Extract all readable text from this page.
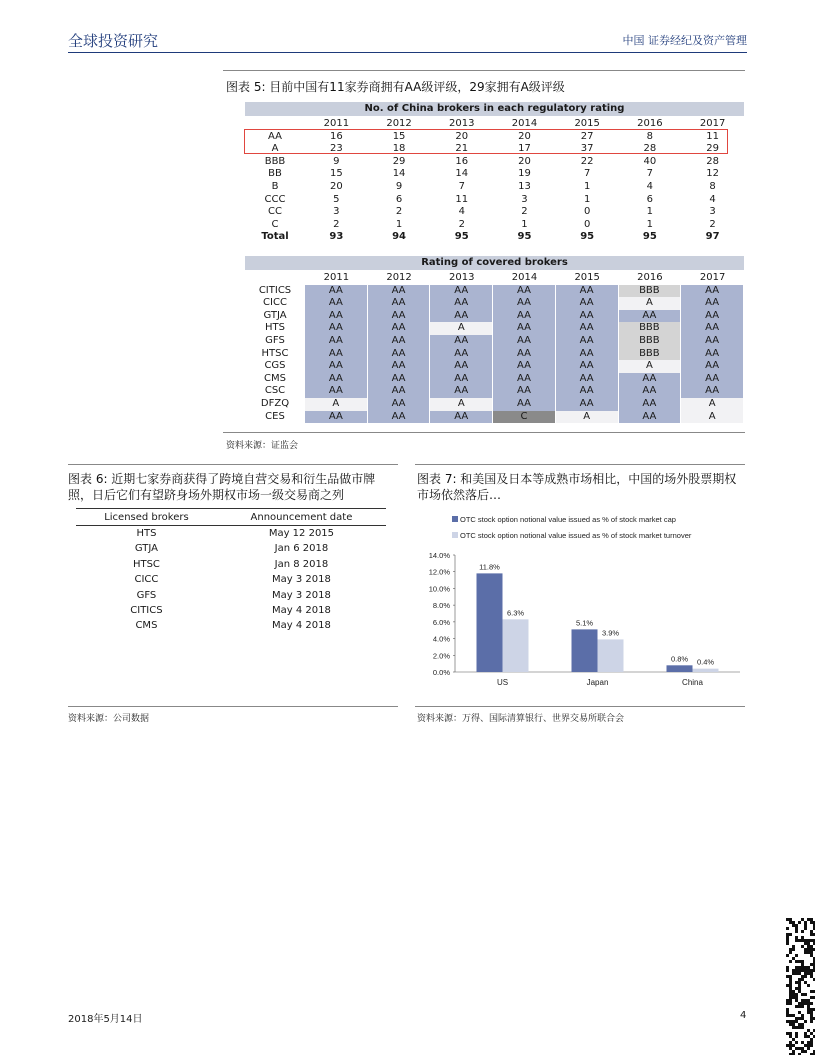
全球投资研究	中国 证券经纪及资产管理
图表 5: 目前中国有11家券商拥有AA级评级，29家拥有A级评级
No. of China brokers in each regulatory rating
	2011	2012	2013	2014	2015	2016	2017
AA	16	15	20	20	27	8	11
A	23	18	21	17	37	28	29
BBB	9	29	16	20	22	40	28
BB	15	14	14	19	7	7	12
B	20	9	7	13	1	4	8
CCC	5	6	11	3	1	6	4
CC	3	2	4	2	0	1	3
C	2	1	2	1	0	1	2
Total	93	94	95	95	95	95	97
Rating of covered brokers
	2011	2012	2013	2014	2015	2016	2017
CITICS	AA	AA	AA	AA	AA	BBB	AA
CICC	AA	AA	AA	AA	AA	A	AA
GTJA	AA	AA	AA	AA	AA	AA	AA
HTS	AA	AA	A	AA	AA	BBB	AA
GFS	AA	AA	AA	AA	AA	BBB	AA
HTSC	AA	AA	AA	AA	AA	BBB	AA
CGS	AA	AA	AA	AA	AA	A	AA
CMS	AA	AA	AA	AA	AA	AA	AA
CSC	AA	AA	AA	AA	AA	AA	AA
DFZQ	A	AA	A	AA	AA	AA	A
CES	AA	AA	AA	C	A	AA	A
资料来源：证监会
图表 6: 近期七家券商获得了跨境自营交易和衍生品做市牌
照，日后它们有望跻身场外期权市场一级交易商之列
Licensed brokers	Announcement date
HTS	May 12 2015
GTJA	Jan 6 2018
HTSC	Jan 8 2018
CICC	May 3 2018
GFS	May 3 2018
CITICS	May 4 2018
CMS	May 4 2018
资料来源：公司数据
图表 7: 和美国及日本等成熟市场相比，中国的场外股票期权
市场依然落后…
OTC stock option notional value issued as % of stock market cap
OTC stock option notional value issued as % of stock market turnover
0.0%
2.0%
4.0%
6.0%
8.0%
10.0%
12.0%
14.0%
11.8%
6.3%
US
5.1%
3.9%
Japan
0.8% 0.4%
China
资料来源：万得、国际清算银行、世界交易所联合会
2018年5月14日	4
